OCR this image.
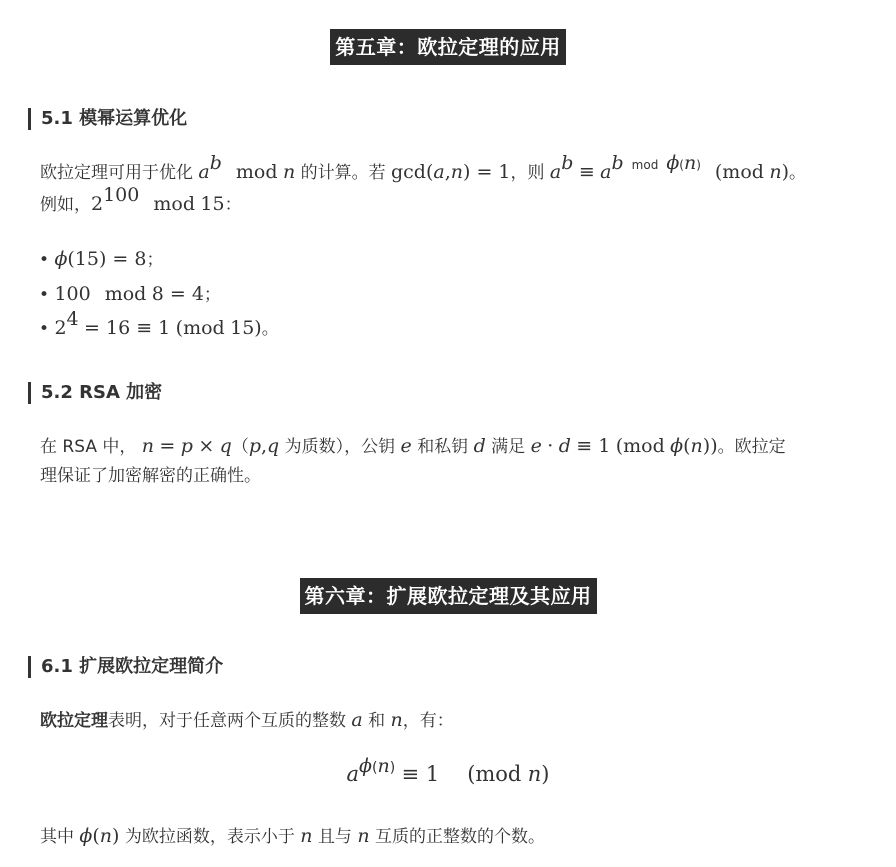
第五章：欧拉定理的应用
5.1 模幂运算优化
欧拉定理可用于优化 $a^b$ mod n 的计算。若 gcd(a,n) = 1，则 $a^b \equiv a^{b mod \phi(n)}$ (mod n)。
例如，$2^{100}$ mod 15：
• ϕ(15) = 8；
• 100 mod 8 = 4；
• $2^4 = 16 \equiv 1$ (mod 15)。
5.2 RSA 加密
在 RSA 中， n = p × q（p,q 为质数），公钥 e 和私钥 d 满足 e · d ≡ 1 (mod ϕ(n))。欧拉定
理保证了加密解密的正确性。
第六章：扩展欧拉定理及其应用
6.1 扩展欧拉定理简介
欧拉定理表明，对于任意两个互质的整数 a 和 n，有：
$a^{\phi(n)} \equiv 1$ (mod n)
其中 ϕ(n) 为欧拉函数，表示小于 n 且与 n 互质的正整数的个数。
